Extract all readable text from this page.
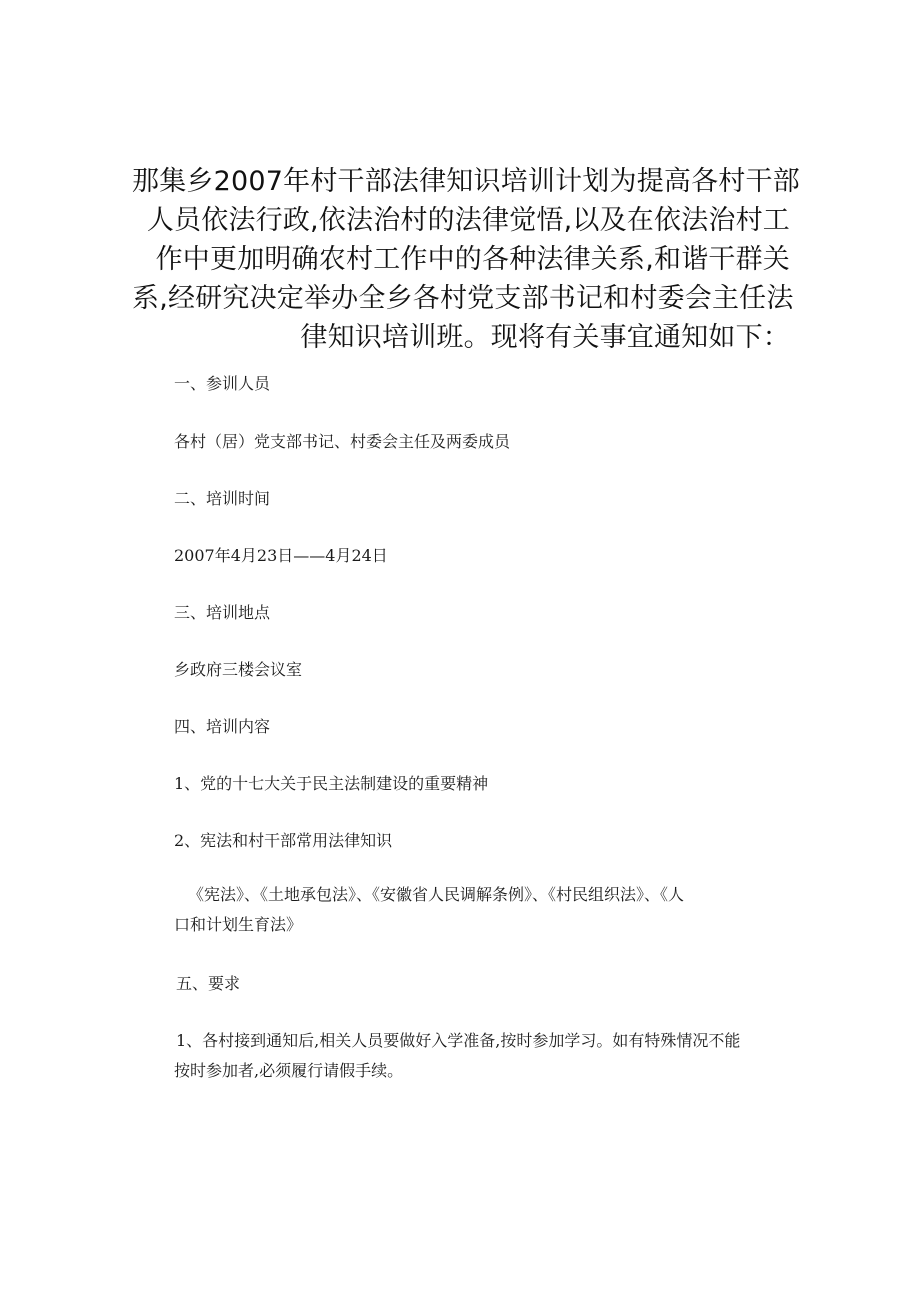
那集乡2007年村干部法律知识培训计划为提高各村干部
人员依法行政,依法治村的法律觉悟,以及在依法治村工
作中更加明确农村工作中的各种法律关系,和谐干群关
系,经研究决定举办全乡各村党支部书记和村委会主任法
律知识培训班。现将有关事宜通知如下：
一、参训人员
各村（居）党支部书记、村委会主任及两委成员
二、培训时间
2007年4月23日——4月24日
三、培训地点
乡政府三楼会议室
四、培训内容
1、党的十七大关于民主法制建设的重要精神
2、宪法和村干部常用法律知识
《宪法》、《土地承包法》、《安徽省人民调解条例》、《村民组织法》、《人
口和计划生育法》
五、要求
1、各村接到通知后,相关人员要做好入学准备,按时参加学习。如有特殊情况不能
按时参加者,必须履行请假手续。
